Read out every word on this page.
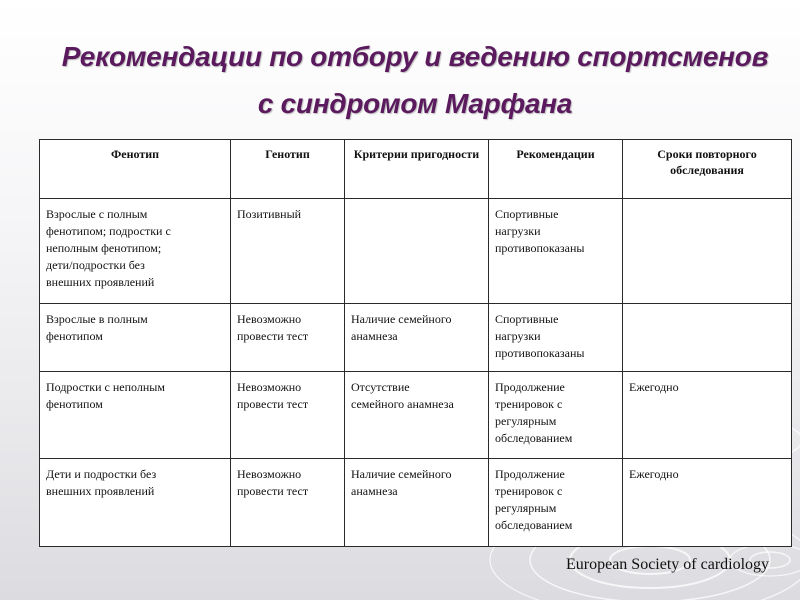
Рекомендации по отбору и ведению спортсменов
с синдромом Марфана
Фенотип	Генотип	Критерии пригодности	Рекомендации	Сроки повторного обследования

Взрослые с полным
фенотипом; подростки с
неполным фенотипом;
дети/подростки без
внешних проявлений	Позитивный		Спортивные
нагрузки
противопоказаны	

Взрослые в полным
фенотипом	Невозможно
провести тест	Наличие семейного
анамнеза	Спортивные
нагрузки
противопоказаны	

Подростки с неполным
фенотипом	Невозможно
провести тест	Отсутствие
семейного анамнеза	Продолжение
тренировок с
регулярным
обследованием	Ежегодно

Дети и подростки без
внешних проявлений	Невозможно
провести тест	Наличие семейного
анамнеза	Продолжение
тренировок с
регулярным
обследованием	Ежегодно
European Society of cardiology
